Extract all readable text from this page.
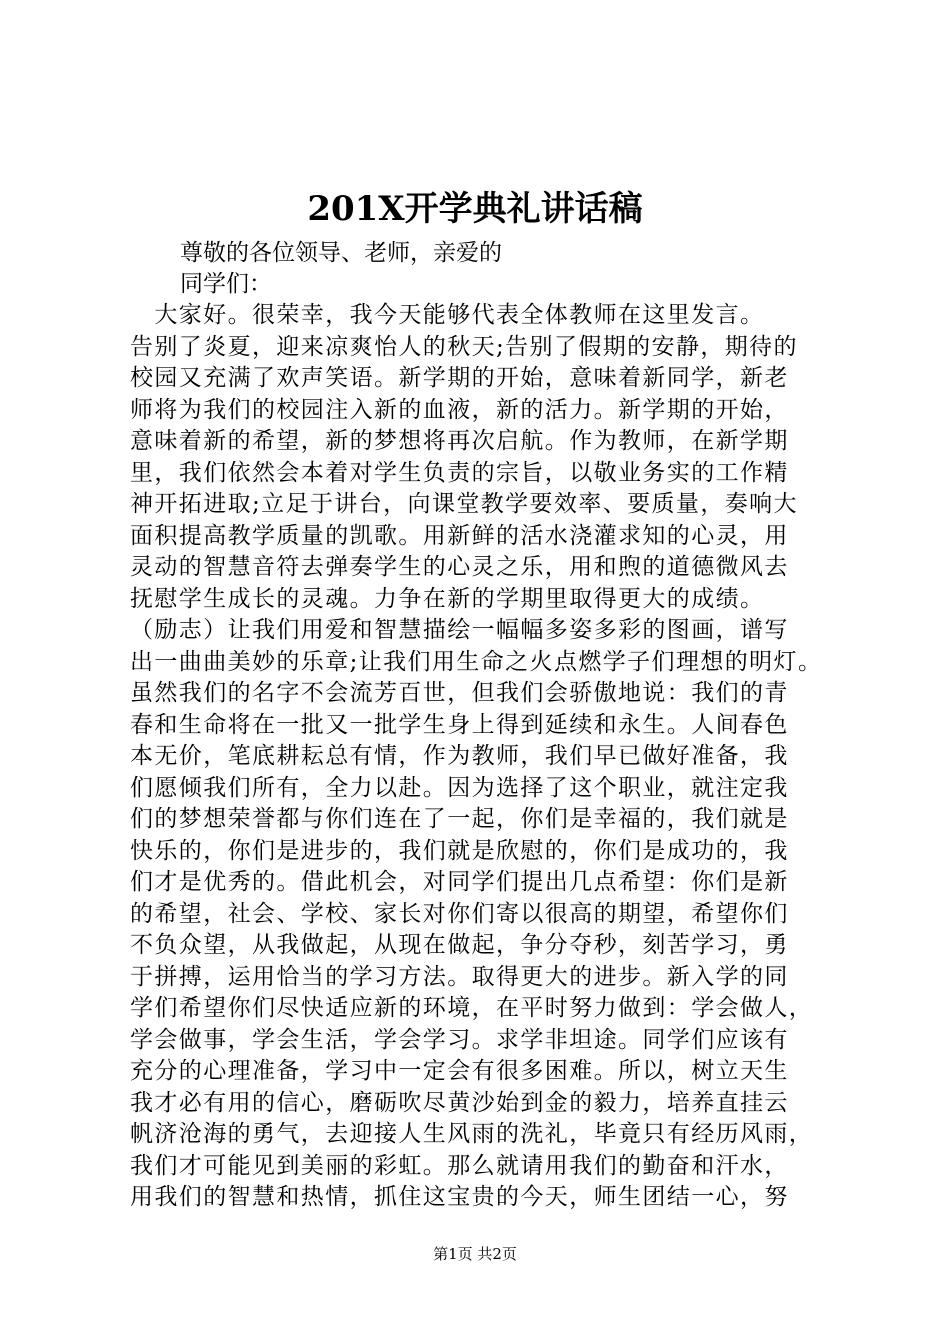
201X开学典礼讲话稿
尊敬的各位领导、老师，亲爱的
同学们：
　大家好。很荣幸，我今天能够代表全体教师在这里发言。
告别了炎夏，迎来凉爽怡人的秋天;告别了假期的安静，期待的
校园又充满了欢声笑语。新学期的开始，意味着新同学，新老
师将为我们的校园注入新的血液，新的活力。新学期的开始，
意味着新的希望，新的梦想将再次启航。作为教师，在新学期
里，我们依然会本着对学生负责的宗旨，以敬业务实的工作精
神开拓进取;立足于讲台，向课堂教学要效率、要质量，奏响大
面积提高教学质量的凯歌。用新鲜的活水浇灌求知的心灵，用
灵动的智慧音符去弹奏学生的心灵之乐，用和煦的道德微风去
抚慰学生成长的灵魂。力争在新的学期里取得更大的成绩。
（励志）让我们用爱和智慧描绘一幅幅多姿多彩的图画，谱写
出一曲曲美妙的乐章;让我们用生命之火点燃学子们理想的明灯。
虽然我们的名字不会流芳百世，但我们会骄傲地说：我们的青
春和生命将在一批又一批学生身上得到延续和永生。人间春色
本无价，笔底耕耘总有情，作为教师，我们早已做好准备，我
们愿倾我们所有，全力以赴。因为选择了这个职业，就注定我
们的梦想荣誉都与你们连在了一起，你们是幸福的，我们就是
快乐的，你们是进步的，我们就是欣慰的，你们是成功的，我
们才是优秀的。借此机会，对同学们提出几点希望：你们是新
的希望，社会、学校、家长对你们寄以很高的期望，希望你们
不负众望，从我做起，从现在做起，争分夺秒，刻苦学习，勇
于拼搏，运用恰当的学习方法。取得更大的进步。新入学的同
学们希望你们尽快适应新的环境，在平时努力做到：学会做人，
学会做事，学会生活，学会学习。求学非坦途。同学们应该有
充分的心理准备，学习中一定会有很多困难。所以，树立天生
我才必有用的信心，磨砺吹尽黄沙始到金的毅力，培养直挂云
帆济沧海的勇气，去迎接人生风雨的洗礼，毕竟只有经历风雨，
我们才可能见到美丽的彩虹。那么就请用我们的勤奋和汗水，
用我们的智慧和热情，抓住这宝贵的今天，师生团结一心，努
第1页 共2页
